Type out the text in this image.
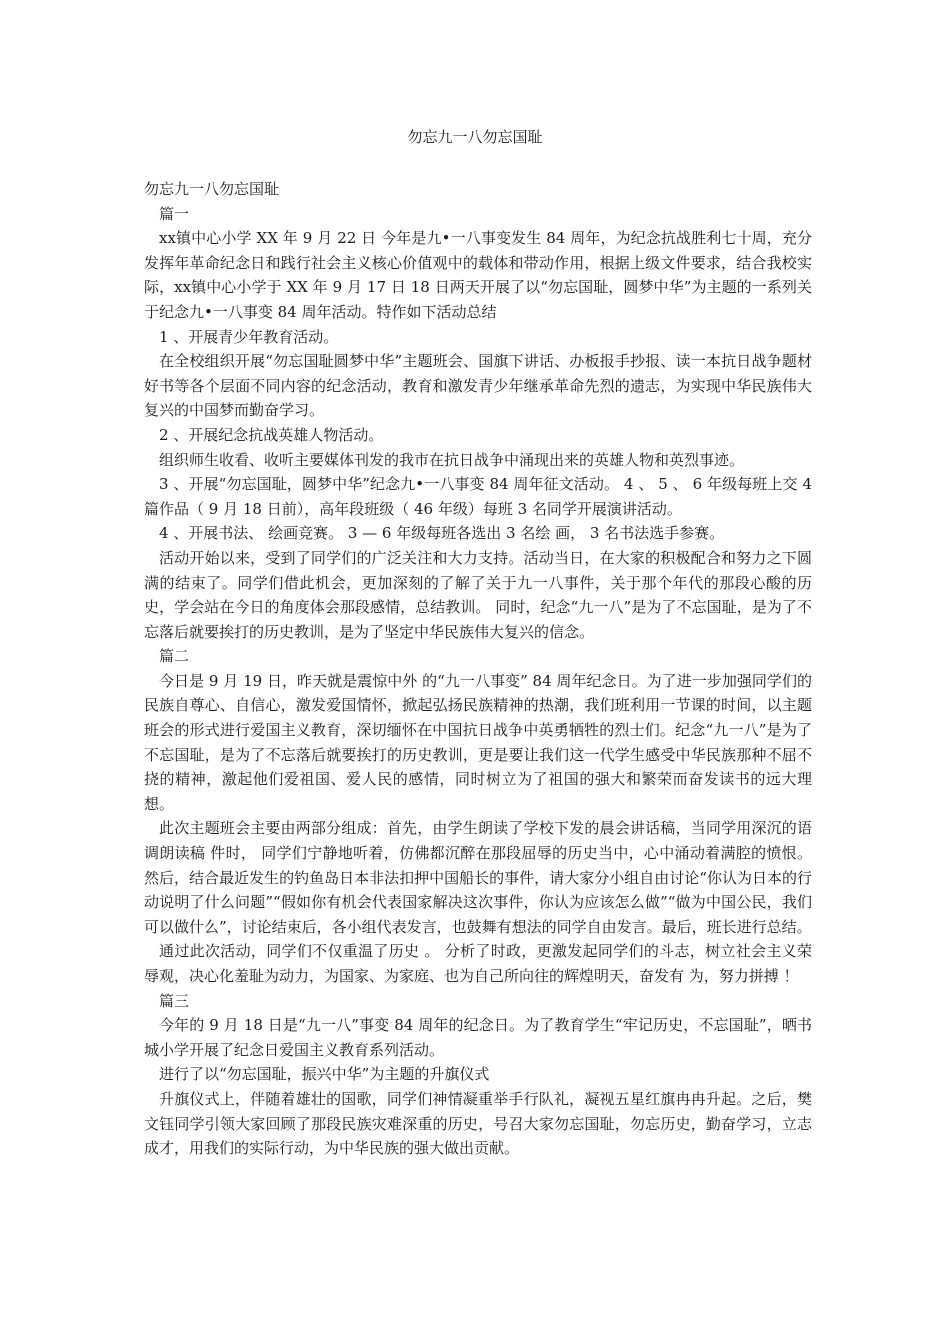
勿忘九一八勿忘国耻

勿忘九一八勿忘国耻

篇一

xx镇中心小学 XX 年 9 月 22 日 今年是九•一八事变发生 84 周年，为纪念抗战胜利七十周，充分发挥年革命纪念日和践行社会主义核心价值观中的载体和带动作用，根据上级文件要求，结合我校实际，xx镇中心小学于 XX 年 9 月 17 日 18 日两天开展了以“勿忘国耻，圆梦中华”为主题的一系列关于纪念九•一八事变 84 周年活动。特作如下活动总结

1 、开展青少年教育活动。

在全校组织开展“勿忘国耻圆梦中华”主题班会、国旗下讲话、办板报手抄报、读一本抗日战争题材好书等各个层面不同内容的纪念活动，教育和激发青少年继承革命先烈的遗志，为实现中华民族伟大复兴的中国梦而勤奋学习。

2 、开展纪念抗战英雄人物活动。

组织师生收看、收听主要媒体刊发的我市在抗日战争中涌现出来的英雄人物和英烈事迹。

3 、开展“勿忘国耻，圆梦中华”纪念九•一八事变 84 周年征文活动。 4 、 5 、 6 年级每班上交 4 篇作品（ 9 月 18 日前），高年段班级（ 46 年级）每班 3 名同学开展演讲活动。

4 、开展书法、 绘画竞赛。 3 — 6 年级每班各选出 3 名绘 画， 3 名书法选手参赛。

活动开始以来，受到了同学们的广泛关注和大力支持。活动当日，在大家的积极配合和努力之下圆满的结束了。同学们借此机会，更加深刻的了解了关于九一八事件，关于那个年代的那段心酸的历史，学会站在今日的角度体会那段感情，总结教训。 同时，纪念“九一八”是为了不忘国耻，是为了不忘落后就要挨打的历史教训，是为了坚定中华民族伟大复兴的信念。

篇二

今日是 9 月 19 日，昨天就是震惊中外 的“九一八事变” 84 周年纪念日。为了进一步加强同学们的民族自尊心、自信心，激发爱国情怀，掀起弘扬民族精神的热潮，我们班利用一节课的时间，以主题班会的形式进行爱国主义教育，深切缅怀在中国抗日战争中英勇牺牲的烈士们。纪念“九一八”是为了不忘国耻，是为了不忘落后就要挨打的历史教训，更是要让我们这一代学生感受中华民族那种不屈不挠的精神，激起他们爱祖国、爱人民的感情，同时树立为了祖国的强大和繁荣而奋发读书的远大理想。

此次主题班会主要由两部分组成：首先，由学生朗读了学校下发的晨会讲话稿，当同学用深沉的语调朗读稿 件时， 同学们宁静地听着，仿佛都沉醉在那段屈辱的历史当中，心中涌动着满腔的愤恨。然后，结合最近发生的钓鱼岛日本非法扣押中国船长的事件，请大家分小组自由讨论“你认为日本的行动说明了什么问题”“假如你有机会代表国家解决这次事件，你认为应该怎么做”“做为中国公民，我们可以做什么”，讨论结束后，各小组代表发言，也鼓舞有想法的同学自由发言。最后，班长进行总结。

通过此次活动，同学们不仅重温了历史 。 分析了时政，更激发起同学们的斗志，树立社会主义荣辱观，决心化羞耻为动力，为国家、为家庭、也为自己所向往的辉煌明天，奋发有 为，努力拼搏 ！

篇三

今年的 9 月 18 日是“九一八”事变 84 周年的纪念日。为了教育学生“牢记历史，不忘国耻”，晒书城小学开展了纪念日爱国主义教育系列活动。

进行了以“勿忘国耻，振兴中华”为主题的升旗仪式

升旗仪式上，伴随着雄壮的国歌，同学们神情凝重举手行队礼，凝视五星红旗冉冉升起。之后，樊文钰同学引领大家回顾了那段民族灾难深重的历史，号召大家勿忘国耻，勿忘历史，勤奋学习，立志成才，用我们的实际行动，为中华民族的强大做出贡献。
